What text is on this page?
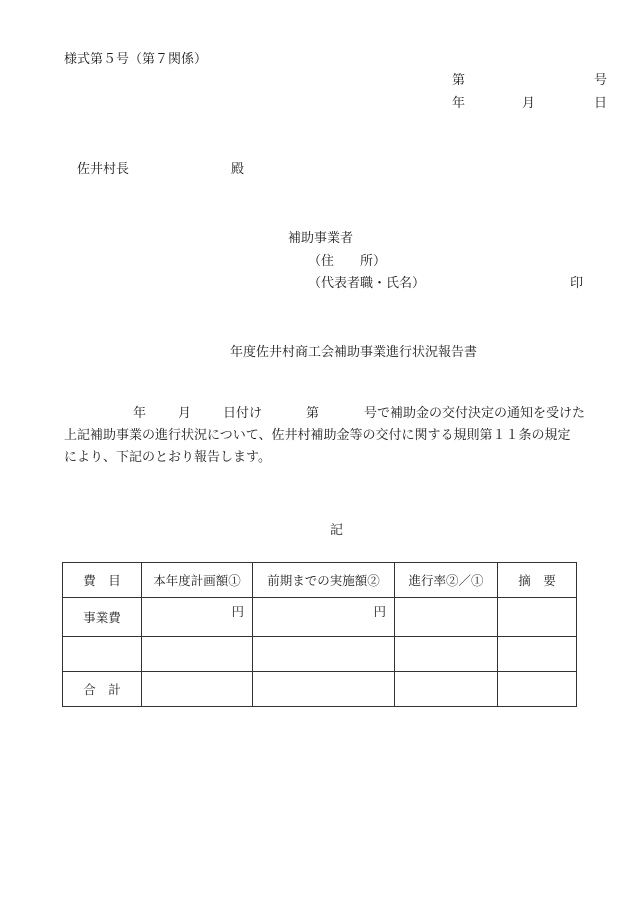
様式第５号（第７関係）
第	号
年	月	日
佐井村長	殿
補助事業者
（住　　所）
（代表者職・氏名）	印
年度佐井村商工会補助事業進行状況報告書
年 月 日付け	第	号で補助金の交付決定の通知を受けた
上記補助事業の進行状況について、佐井村補助金等の交付に関する規則第１１条の規定
により、下記のとおり報告します。
記
費　目	本年度計画額①	前期までの実施額②	進行率②／①	摘　要
事業費	円	円		

合　計				
